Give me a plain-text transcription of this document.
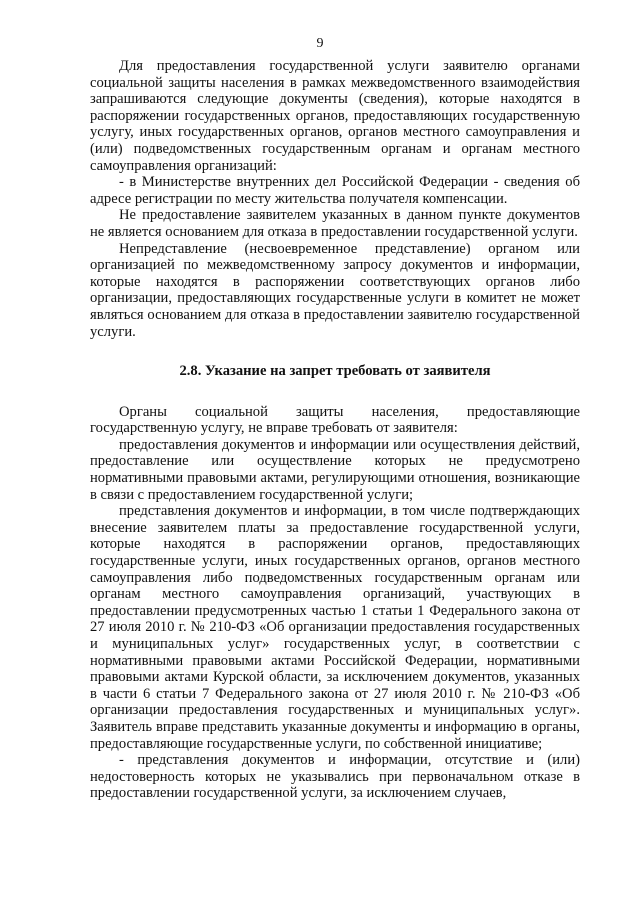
9

Для предоставления государственной услуги заявителю органами социальной защиты населения в рамках межведомственного взаимодействия запрашиваются следующие документы (сведения), которые находятся в распоряжении государственных органов, предоставляющих государственную услугу, иных государственных органов, органов местного самоуправления и (или) подведомственных государственным органам и органам местного самоуправления организаций:

- в Министерстве внутренних дел Российской Федерации - сведения об адресе регистрации по месту жительства получателя компенсации.

Не предоставление заявителем указанных в данном пункте документов не является основанием для отказа в предоставлении государственной услуги.

Непредставление (несвоевременное представление) органом или организацией по межведомственному запросу документов и информации, которые находятся в распоряжении соответствующих органов либо организации, предоставляющих государственные услуги в комитет не может являться основанием для отказа в предоставлении заявителю государственной услуги.

2.8. Указание на запрет требовать от заявителя

Органы социальной защиты населения, предоставляющие государственную услугу, не вправе требовать от заявителя:

предоставления документов и информации или осуществления действий, предоставление или осуществление которых не предусмотрено нормативными правовыми актами, регулирующими отношения, возникающие в связи с предоставлением государственной услуги;

представления документов и информации, в том числе подтверждающих внесение заявителем платы за предоставление государственной услуги, которые находятся в распоряжении органов, предоставляющих государственные услуги, иных государственных органов, органов местного самоуправления либо подведомственных государственным органам или органам местного самоуправления организаций, участвующих в предоставлении предусмотренных частью 1 статьи 1 Федерального закона от 27 июля 2010 г. № 210-ФЗ «Об организации предоставления государственных и муниципальных услуг» государственных услуг, в соответствии с нормативными правовыми актами Российской Федерации, нормативными правовыми актами Курской области, за исключением документов, указанных в части 6 статьи 7 Федерального закона от 27 июля 2010 г. № 210-ФЗ «Об организации предоставления государственных и муниципальных услуг». Заявитель вправе представить указанные документы и информацию в органы, предоставляющие государственные услуги, по собственной инициативе;

- представления документов и информации, отсутствие и (или) недостоверность которых не указывались при первоначальном отказе в предоставлении государственной услуги, за исключением случаев,
